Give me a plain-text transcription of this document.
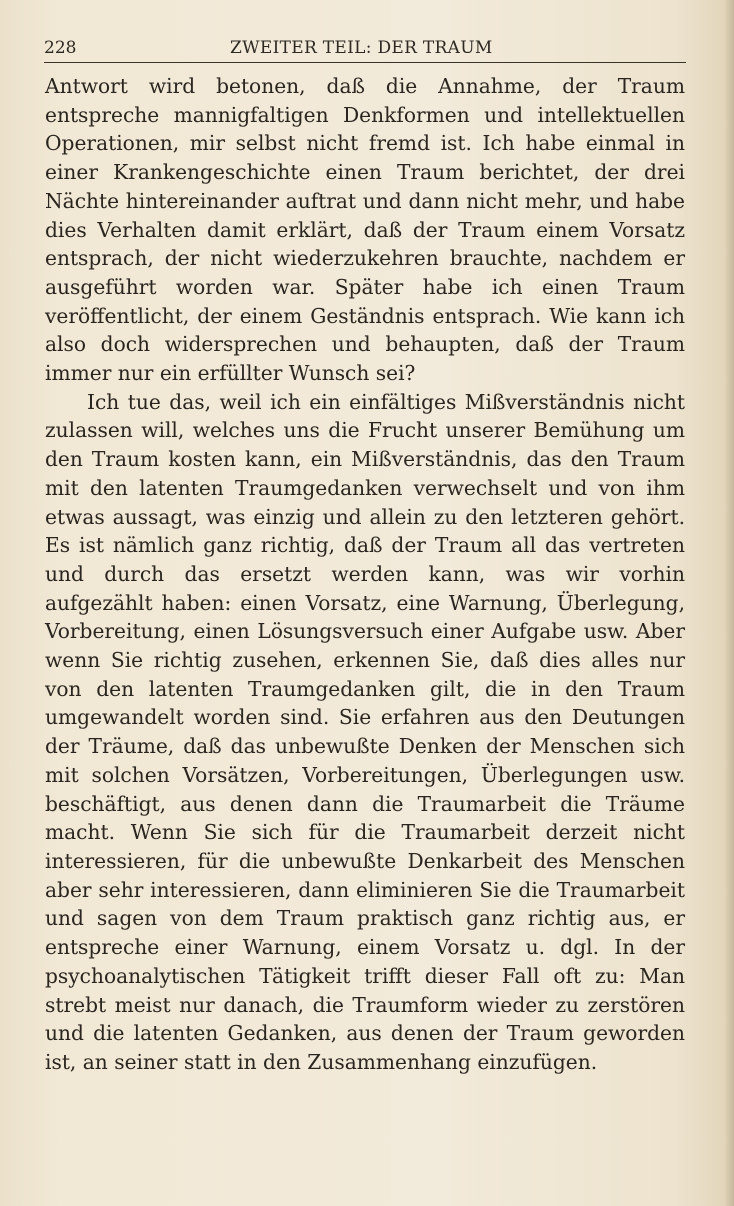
228	ZWEITER TEIL: DER TRAUM

Antwort wird betonen, daß die Annahme, der Traum entspreche mannigfaltigen Denkformen und intellektuellen Operationen, mir selbst nicht fremd ist. Ich habe einmal in einer Krankengeschichte einen Traum berichtet, der drei Nächte hintereinander auftrat und dann nicht mehr, und habe dies Verhalten damit erklärt, daß der Traum einem Vorsatz entsprach, der nicht wiederzukehren brauchte, nachdem er ausgeführt worden war. Später habe ich einen Traum veröffentlicht, der einem Geständnis entsprach. Wie kann ich also doch widersprechen und behaupten, daß der Traum immer nur ein erfüllter Wunsch sei?

Ich tue das, weil ich ein einfältiges Mißverständnis nicht zulassen will, welches uns die Frucht unserer Bemühung um den Traum kosten kann, ein Mißverständnis, das den Traum mit den latenten Traumgedanken verwechselt und von ihm etwas aussagt, was einzig und allein zu den letzteren gehört. Es ist nämlich ganz richtig, daß der Traum all das vertreten und durch das ersetzt werden kann, was wir vorhin aufgezählt haben: einen Vorsatz, eine Warnung, Überlegung, Vorbereitung, einen Lösungsversuch einer Aufgabe usw. Aber wenn Sie richtig zusehen, erkennen Sie, daß dies alles nur von den latenten Traumgedanken gilt, die in den Traum umgewandelt worden sind. Sie erfahren aus den Deutungen der Träume, daß das unbewußte Denken der Menschen sich mit solchen Vorsätzen, Vorbereitungen, Überlegungen usw. beschäftigt, aus denen dann die Traumarbeit die Träume macht. Wenn Sie sich für die Traumarbeit derzeit nicht interessieren, für die unbewußte Denkarbeit des Menschen aber sehr interessieren, dann eliminieren Sie die Traumarbeit und sagen von dem Traum praktisch ganz richtig aus, er entspreche einer Warnung, einem Vorsatz u. dgl. In der psychoanalytischen Tätigkeit trifft dieser Fall oft zu: Man strebt meist nur danach, die Traumform wieder zu zerstören und die latenten Gedanken, aus denen der Traum geworden ist, an seiner statt in den Zusammenhang einzufügen.
